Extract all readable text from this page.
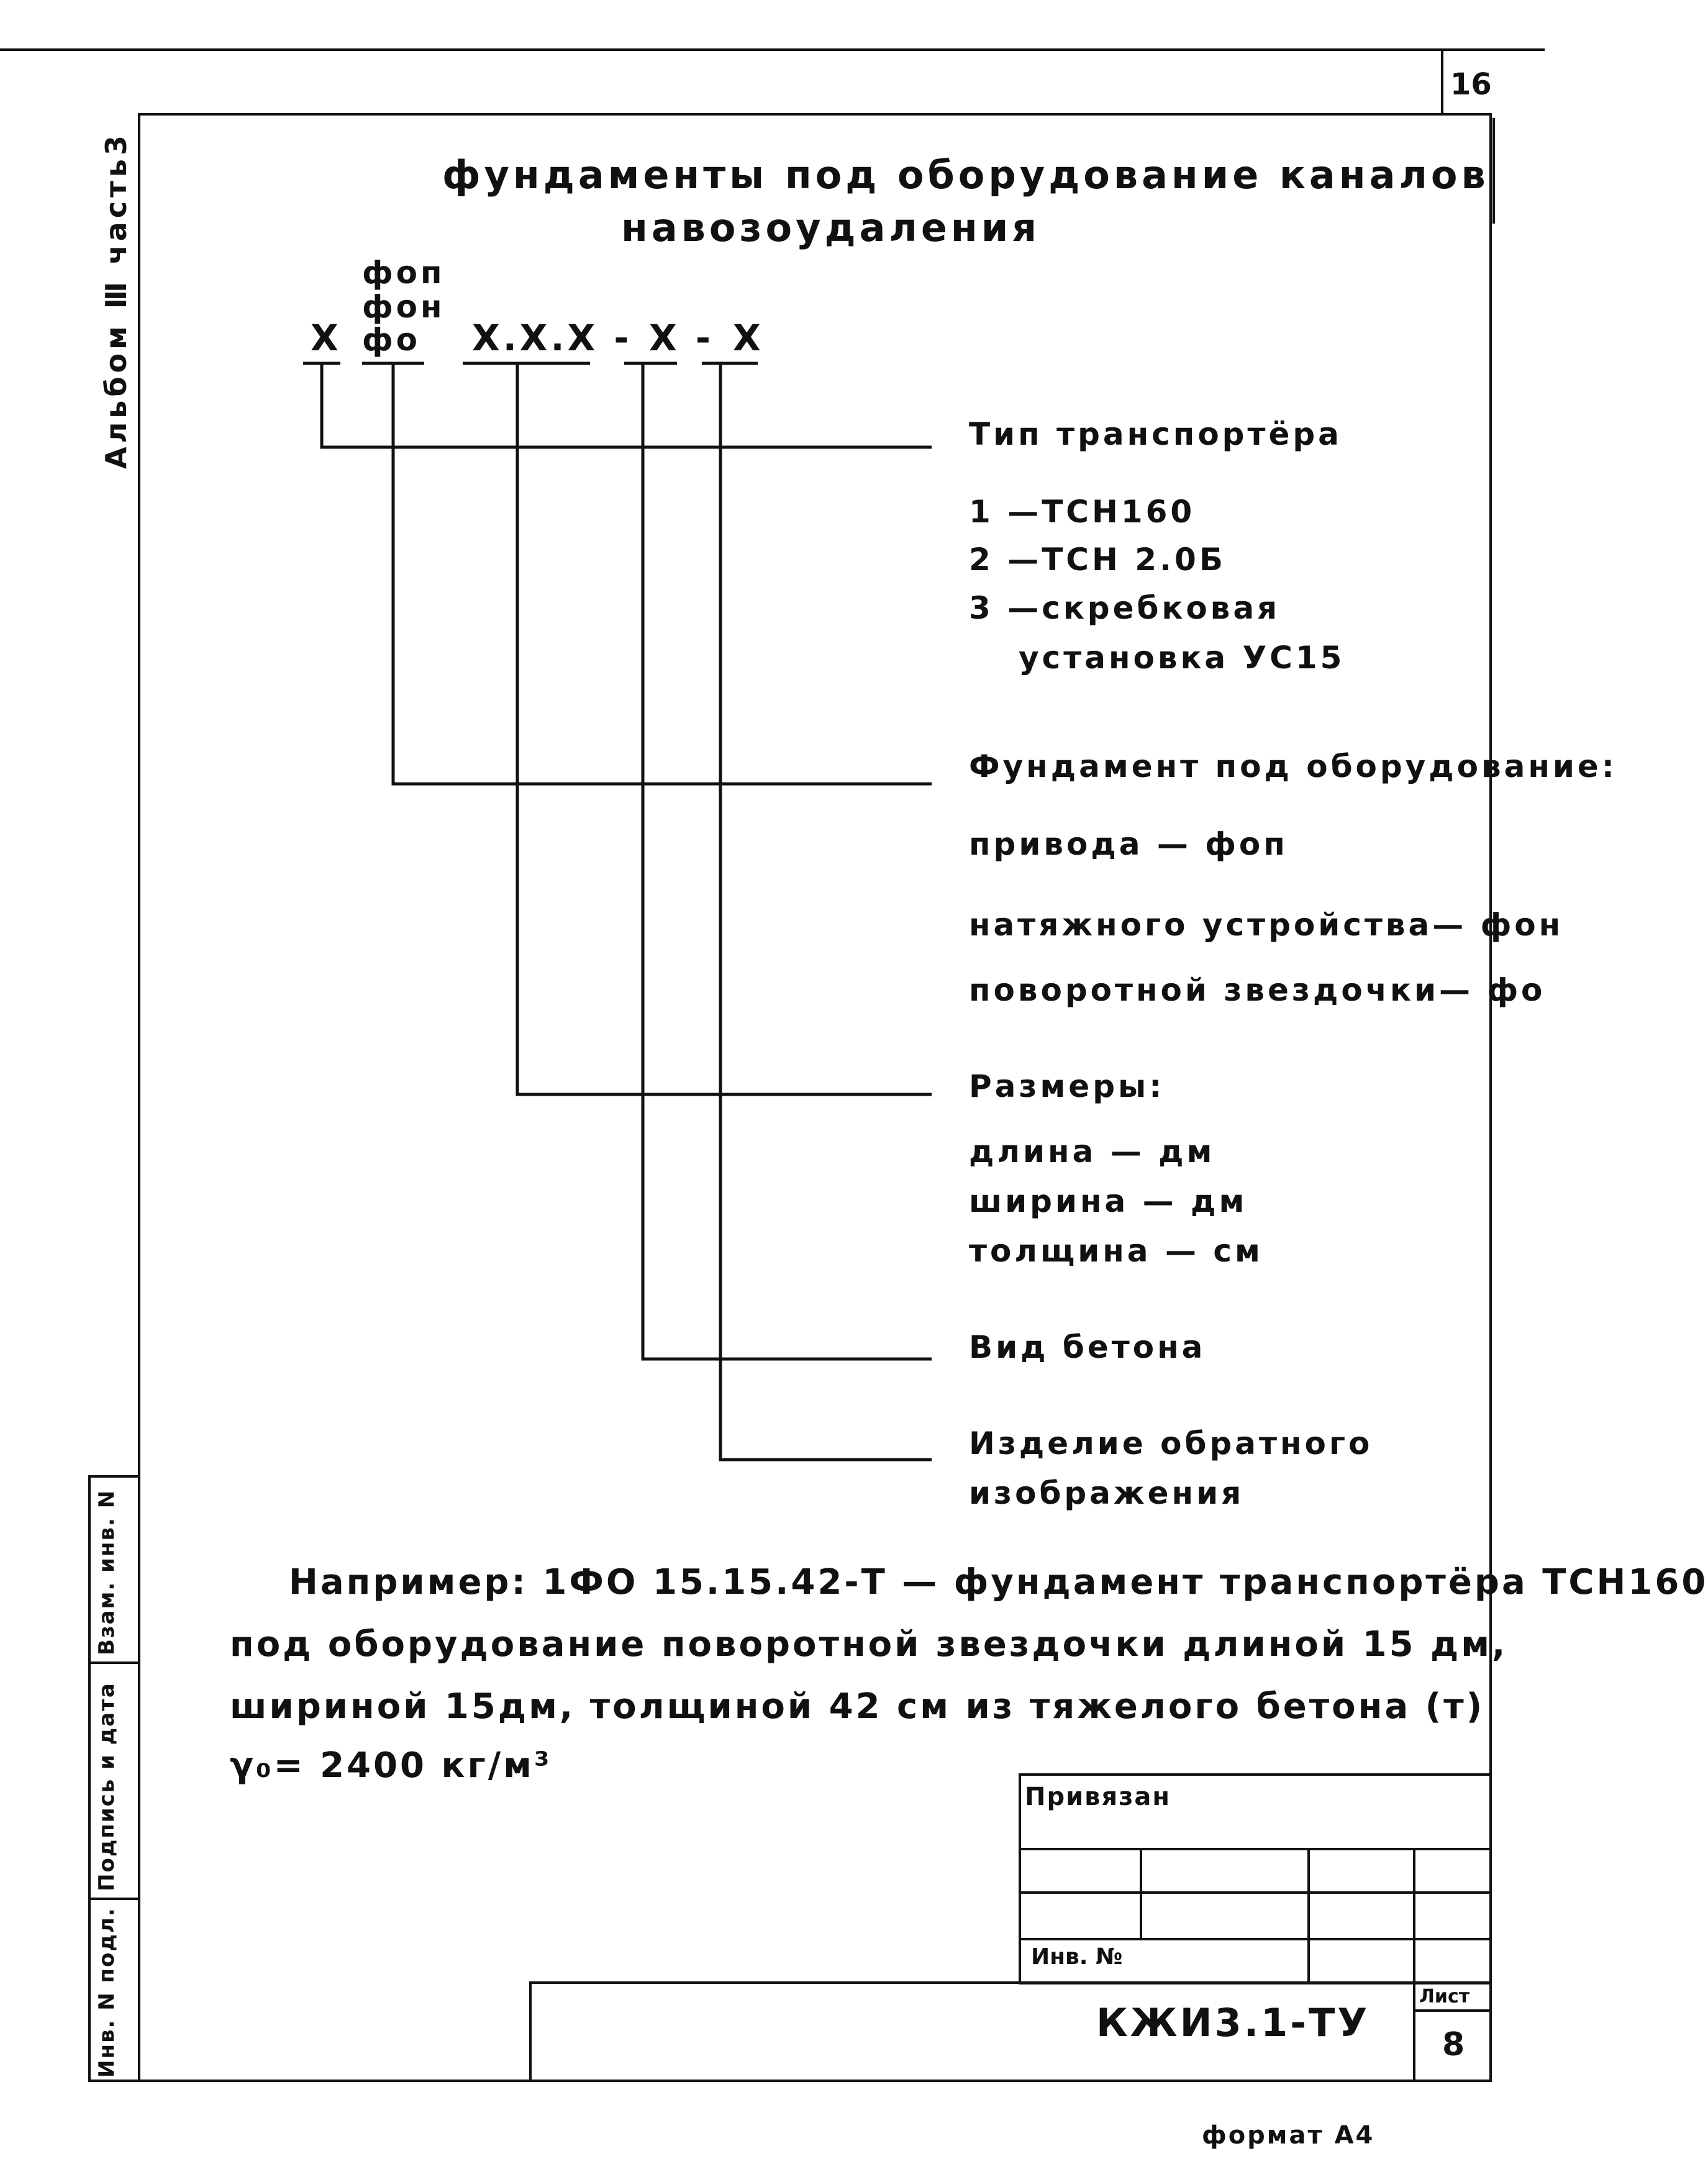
16
Альбом Ⅲ часть3
Инв. N подл.
Подпись и дата
Взам. инв. N
фундаменты под оборудование каналов
навозоудаления
фоп
фон
X фо X.X.X - X - X
Тип транспортёра
1 —ТСН160
2 —ТСН 2.0Б
3 —скребковая
установка УС15
Фундамент под оборудование:
привода — фоп
натяжного устройства— фон
поворотной звездочки— фо
Размеры:
длина — дм
ширина — дм
толщина — см
Вид бетона
Изделие обратного
изображения
Например: 1ФО 15.15.42-Т — фундамент транспортёра ТСН160
под оборудование поворотной звездочки длиной 15 дм,
шириной 15дм, толщиной 42 см из тяжелого бетона (т)
γ₀= 2400 кг/м³
Привязан
Инв. №
КЖИ3.1-ТУ
Лист
8
формат А4
